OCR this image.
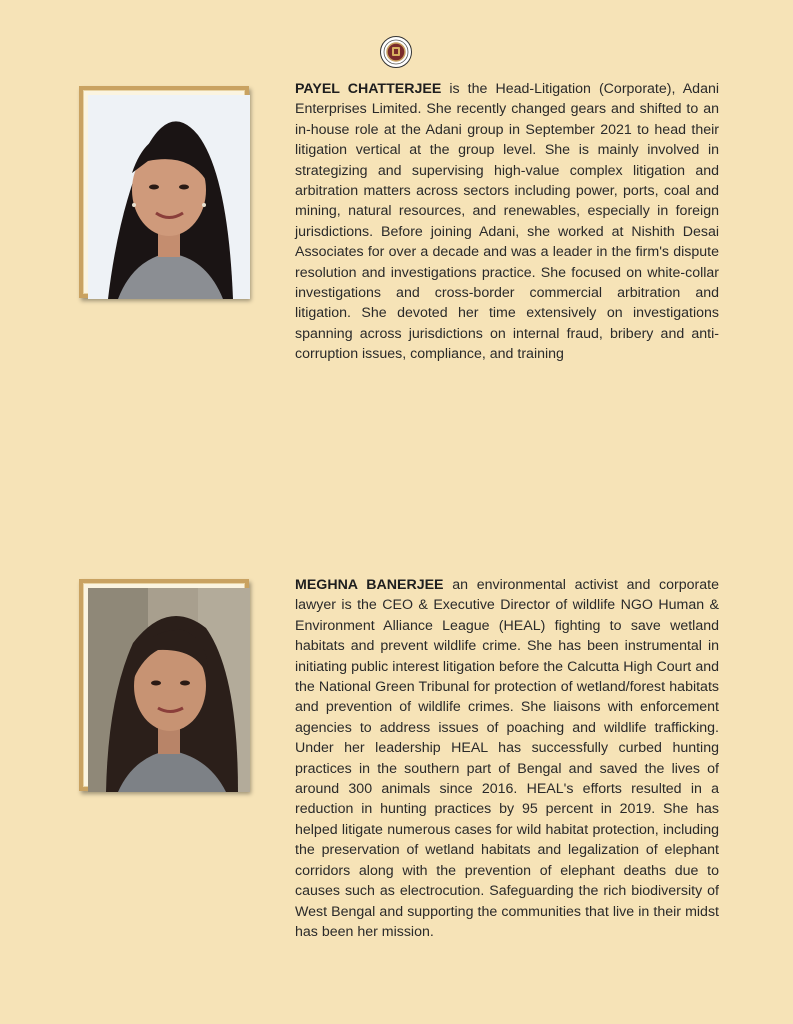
PAYEL CHATTERJEE is the Head-Litigation (Corporate), Adani Enterprises Limited. She recently changed gears and shifted to an in-house role at the Adani group in September 2021 to head their litigation vertical at the group level. She is mainly involved in strategizing and supervising high-value complex litigation and arbitration matters across sectors including power, ports, coal and mining, natural resources, and renewables, especially in foreign jurisdictions. Before joining Adani, she worked at Nishith Desai Associates for over a decade and was a leader in the firm's dispute resolution and investigations practice. She focused on white-collar investigations and cross-border commercial arbitration and litigation. She devoted her time extensively on investigations spanning across jurisdictions on internal fraud, bribery and anti-corruption issues, compliance, and training

MEGHNA BANERJEE an environmental activist and corporate lawyer is the CEO & Executive Director of wildlife NGO Human & Environment Alliance League (HEAL) fighting to save wetland habitats and prevent wildlife crime. She has been instrumental in initiating public interest litigation before the Calcutta High Court and the National Green Tribunal for protection of wetland/forest habitats and prevention of wildlife crimes. She liaisons with enforcement agencies to address issues of poaching and wildlife trafficking. Under her leadership HEAL has successfully curbed hunting practices in the southern part of Bengal and saved the lives of around 300 animals since 2016. HEAL's efforts resulted in a reduction in hunting practices by 95 percent in 2019. She has helped litigate numerous cases for wild habitat protection, including the preservation of wetland habitats and legalization of elephant corridors along with the prevention of elephant deaths due to causes such as electrocution. Safeguarding the rich biodiversity of West Bengal and supporting the communities that live in their midst has been her mission.
